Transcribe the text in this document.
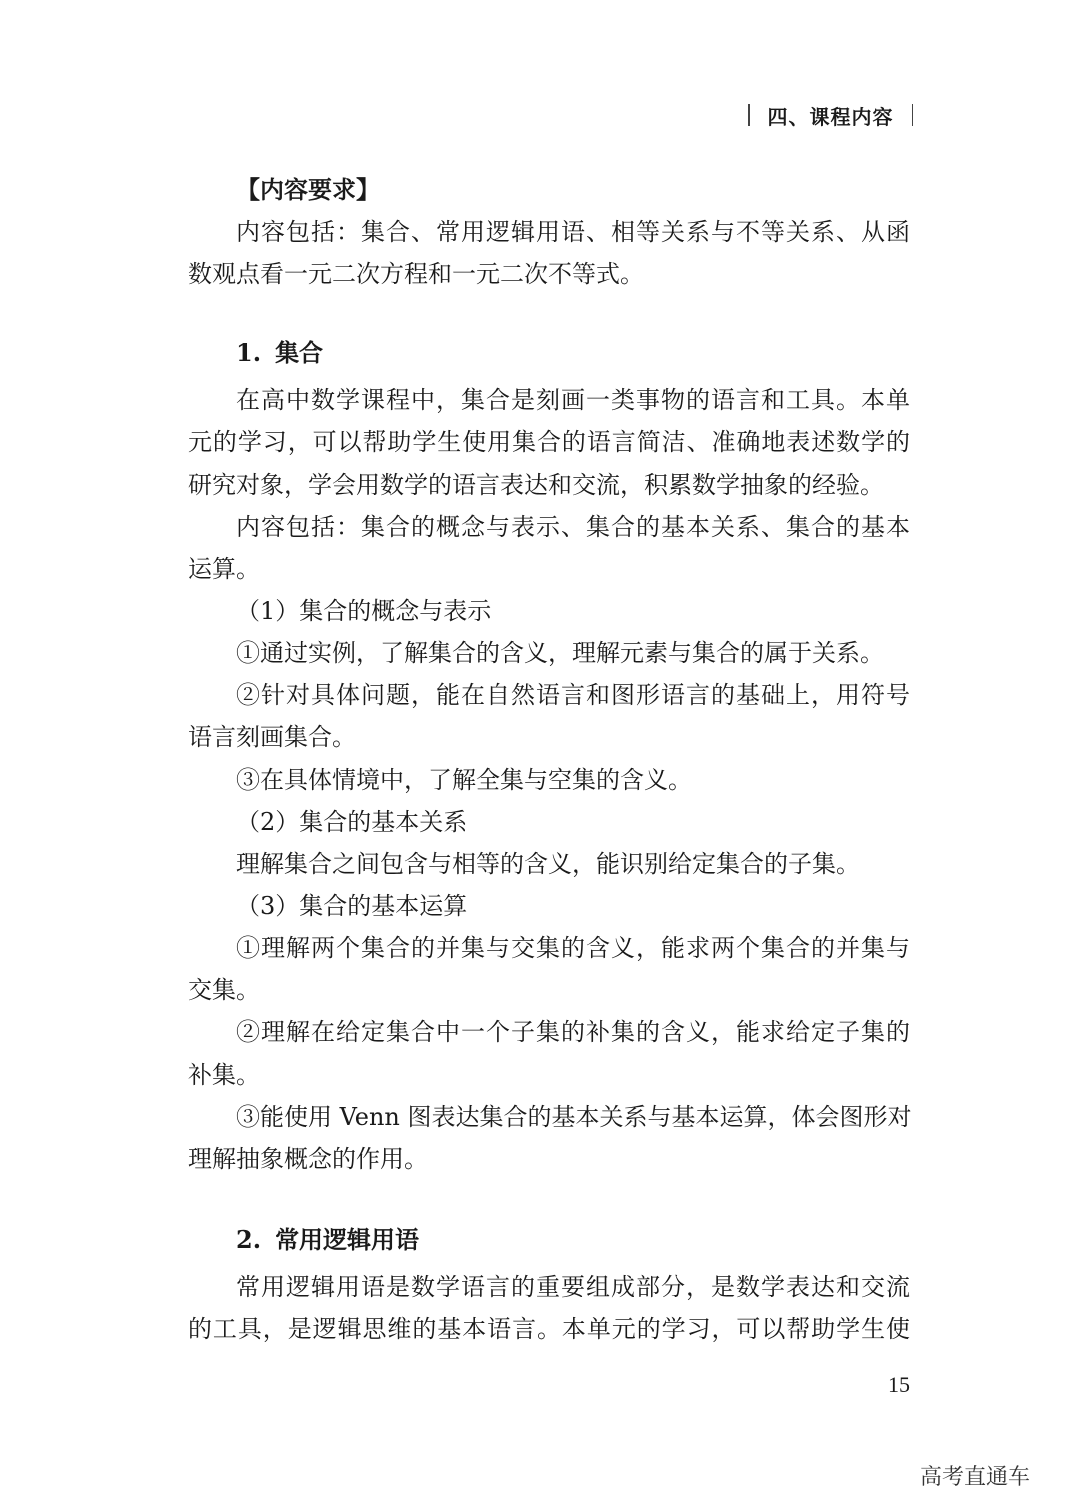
四、课程内容
【内容要求】
内容包括：集合、常用逻辑用语、相等关系与不等关系、从函
数观点看一元二次方程和一元二次不等式。
1. 集合
在高中数学课程中，集合是刻画一类事物的语言和工具。本单
元的学习，可以帮助学生使用集合的语言简洁、准确地表述数学的
研究对象，学会用数学的语言表达和交流，积累数学抽象的经验。
内容包括：集合的概念与表示、集合的基本关系、集合的基本
运算。
（1）集合的概念与表示
①通过实例，了解集合的含义，理解元素与集合的属于关系。
②针对具体问题，能在自然语言和图形语言的基础上，用符号
语言刻画集合。
③在具体情境中，了解全集与空集的含义。
（2）集合的基本关系
理解集合之间包含与相等的含义，能识别给定集合的子集。
（3）集合的基本运算
①理解两个集合的并集与交集的含义，能求两个集合的并集与
交集。
②理解在给定集合中一个子集的补集的含义，能求给定子集的
补集。
③能使用 Venn 图表达集合的基本关系与基本运算，体会图形对
理解抽象概念的作用。
2. 常用逻辑用语
常用逻辑用语是数学语言的重要组成部分，是数学表达和交流
的工具，是逻辑思维的基本语言。本单元的学习，可以帮助学生使
15
高考直通车
